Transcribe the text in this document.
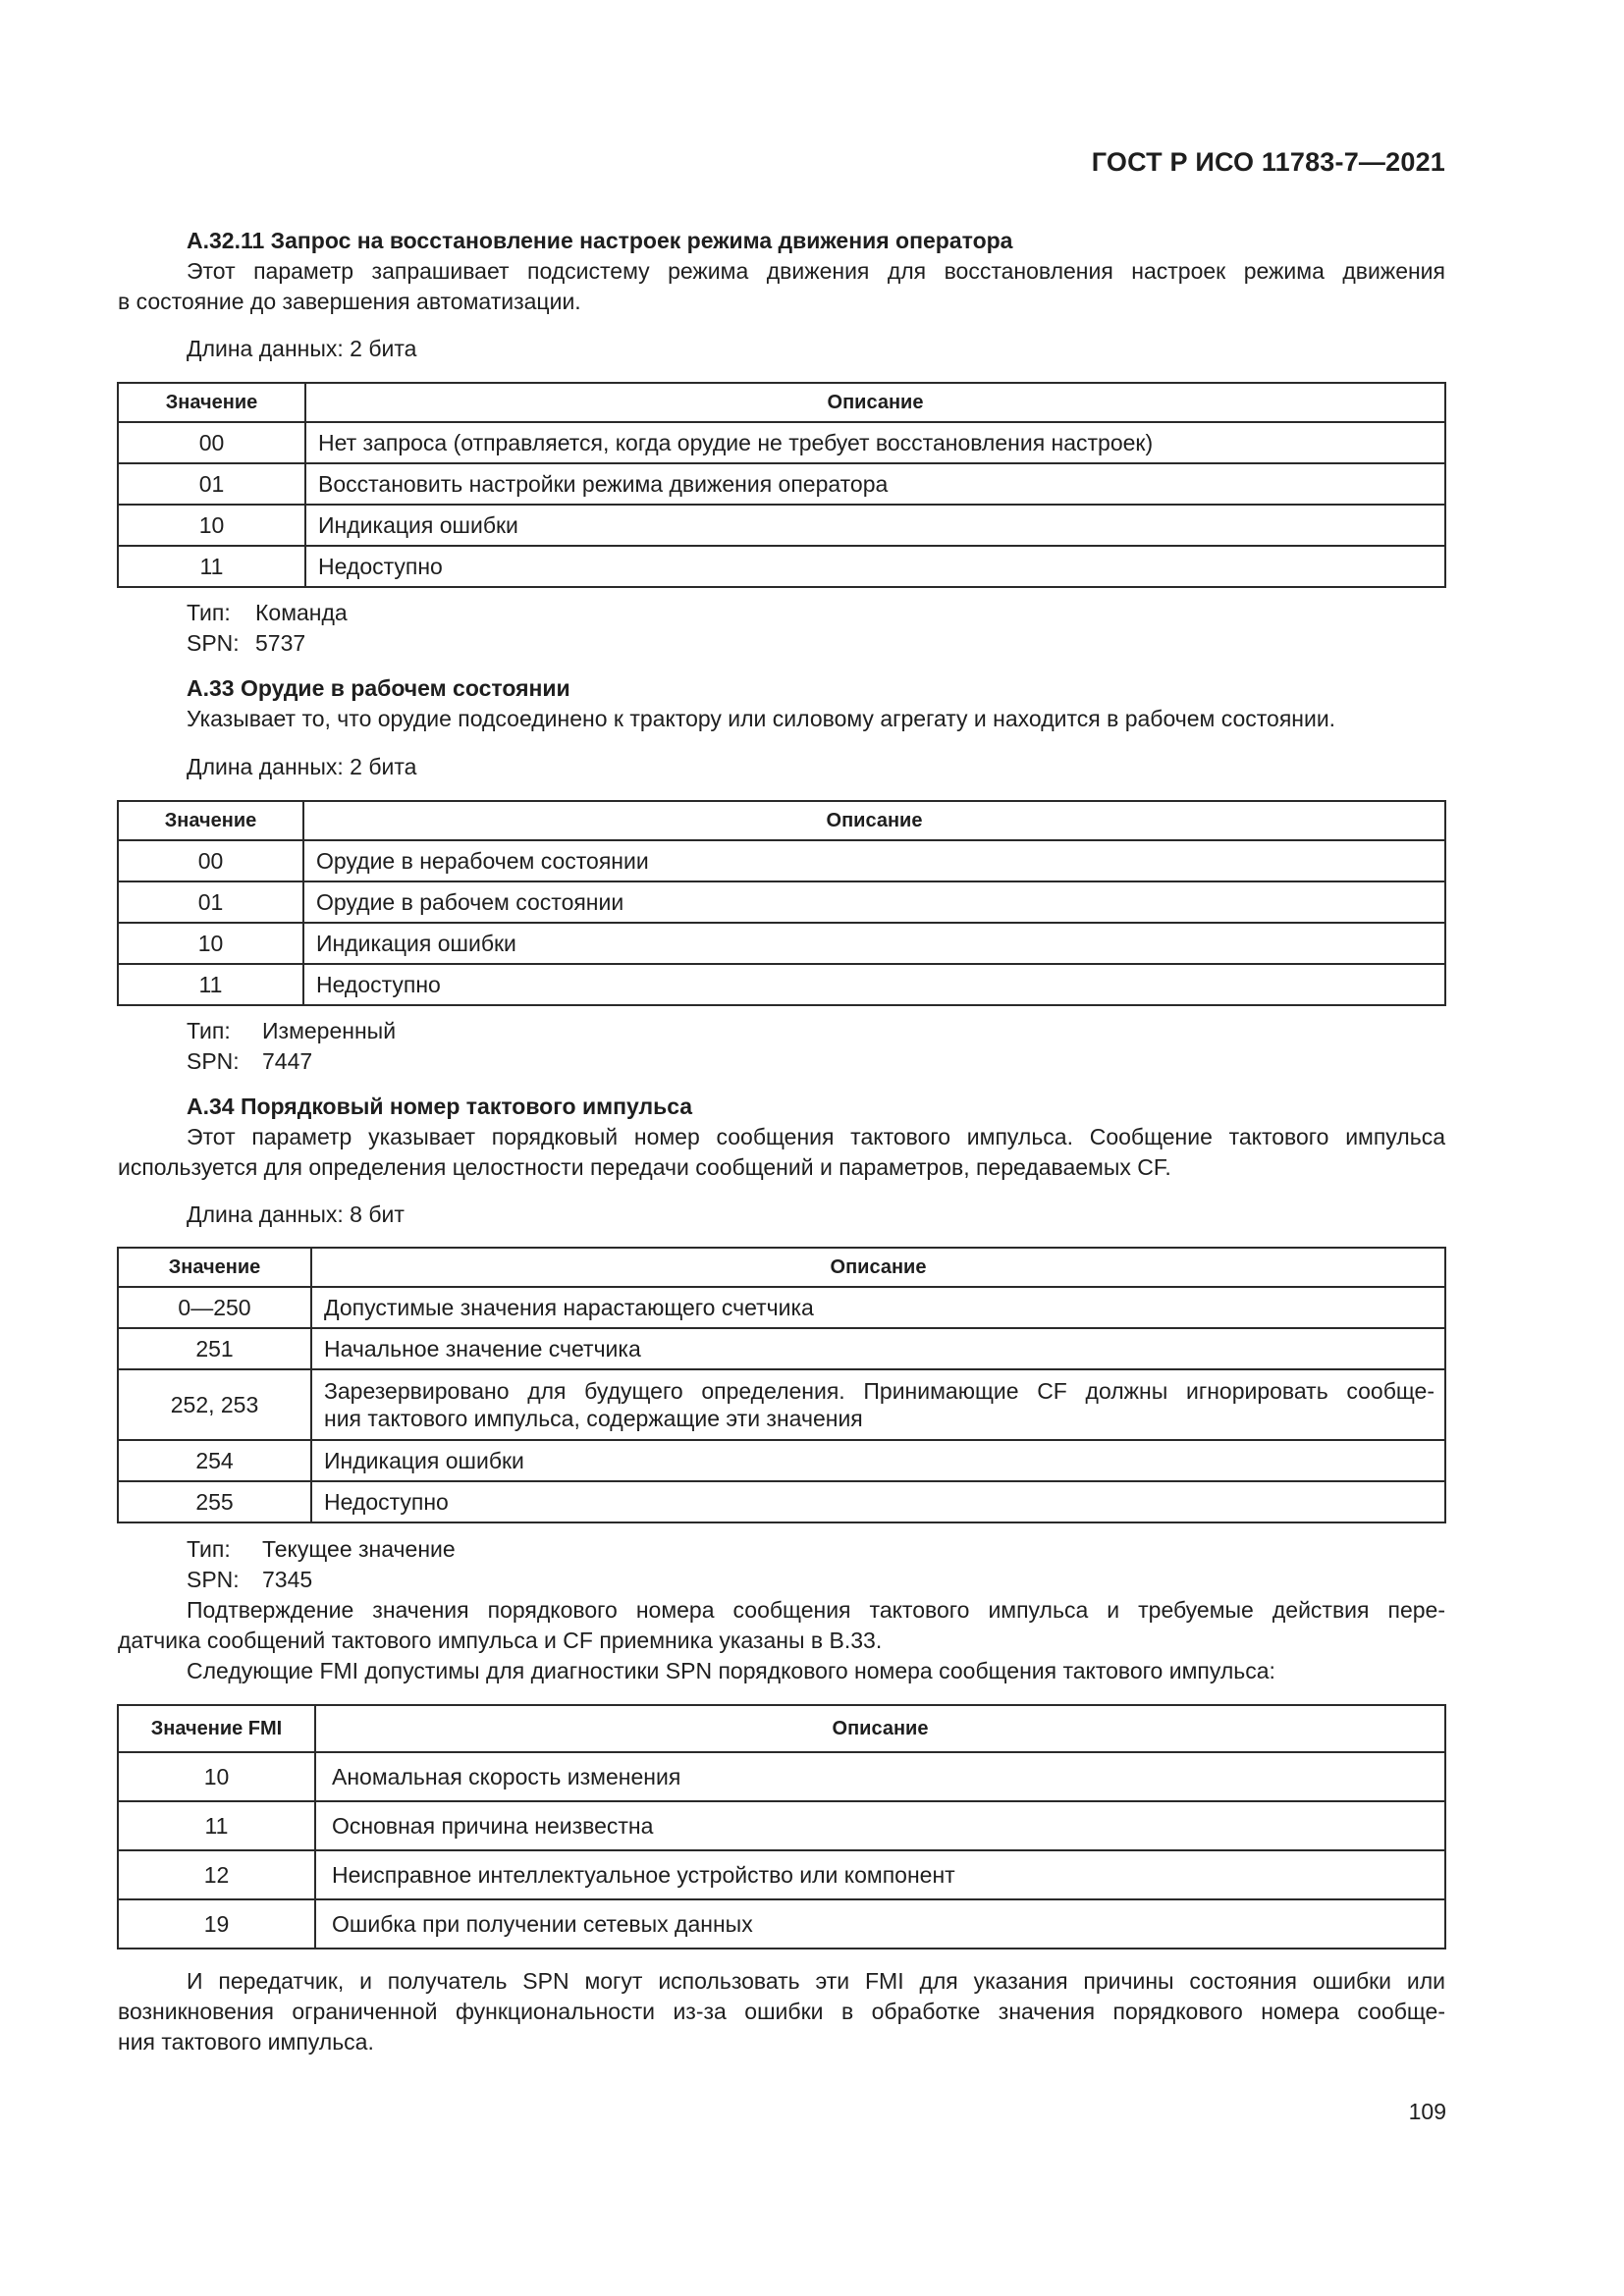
ГОСТ Р ИСО 11783-7—2021
А.32.11 Запрос на восстановление настроек режима движения оператора
Этот параметр запрашивает подсистему режима движения для восстановления настроек режима движения
в состояние до завершения автоматизации.
Длина данных: 2 бита
Значение	Описание
00	Нет запроса (отправляется, когда орудие не требует восстановления настроек)
01	Восстановить настройки режима движения оператора
10	Индикация ошибки
11	Недоступно
Тип: Команда
SPN: 5737
А.33 Орудие в рабочем состоянии
Указывает то, что орудие подсоединено к трактору или силовому агрегату и находится в рабочем состоянии.
Длина данных: 2 бита
Значение	Описание
00	Орудие в нерабочем состоянии
01	Орудие в рабочем состоянии
10	Индикация ошибки
11	Недоступно
Тип: Измеренный
SPN: 7447
А.34 Порядковый номер тактового импульса
Этот параметр указывает порядковый номер сообщения тактового импульса. Сообщение тактового импульса
используется для определения целостности передачи сообщений и параметров, передаваемых CF.
Длина данных: 8 бит
Значение	Описание
0—250	Допустимые значения нарастающего счетчика
251	Начальное значение счетчика
252, 253	Зарезервировано для будущего определения. Принимающие CF должны игнорировать сообще-
ния тактового импульса, содержащие эти значения

254	Индикация ошибки
255	Недоступно
Тип: Текущее значение
SPN: 7345
Подтверждение значения порядкового номера сообщения тактового импульса и требуемые действия пере-
датчика сообщений тактового импульса и CF приемника указаны в В.33.
Следующие FMI допустимы для диагностики SPN порядкового номера сообщения тактового импульса:
Значение FMI	Описание
10	Аномальная скорость изменения
11	Основная причина неизвестна
12	Неисправное интеллектуальное устройство или компонент
19	Ошибка при получении сетевых данных
И передатчик, и получатель SPN могут использовать эти FMI для указания причины состояния ошибки или
возникновения ограниченной функциональности из-за ошибки в обработке значения порядкового номера сообще-
ния тактового импульса.
109
